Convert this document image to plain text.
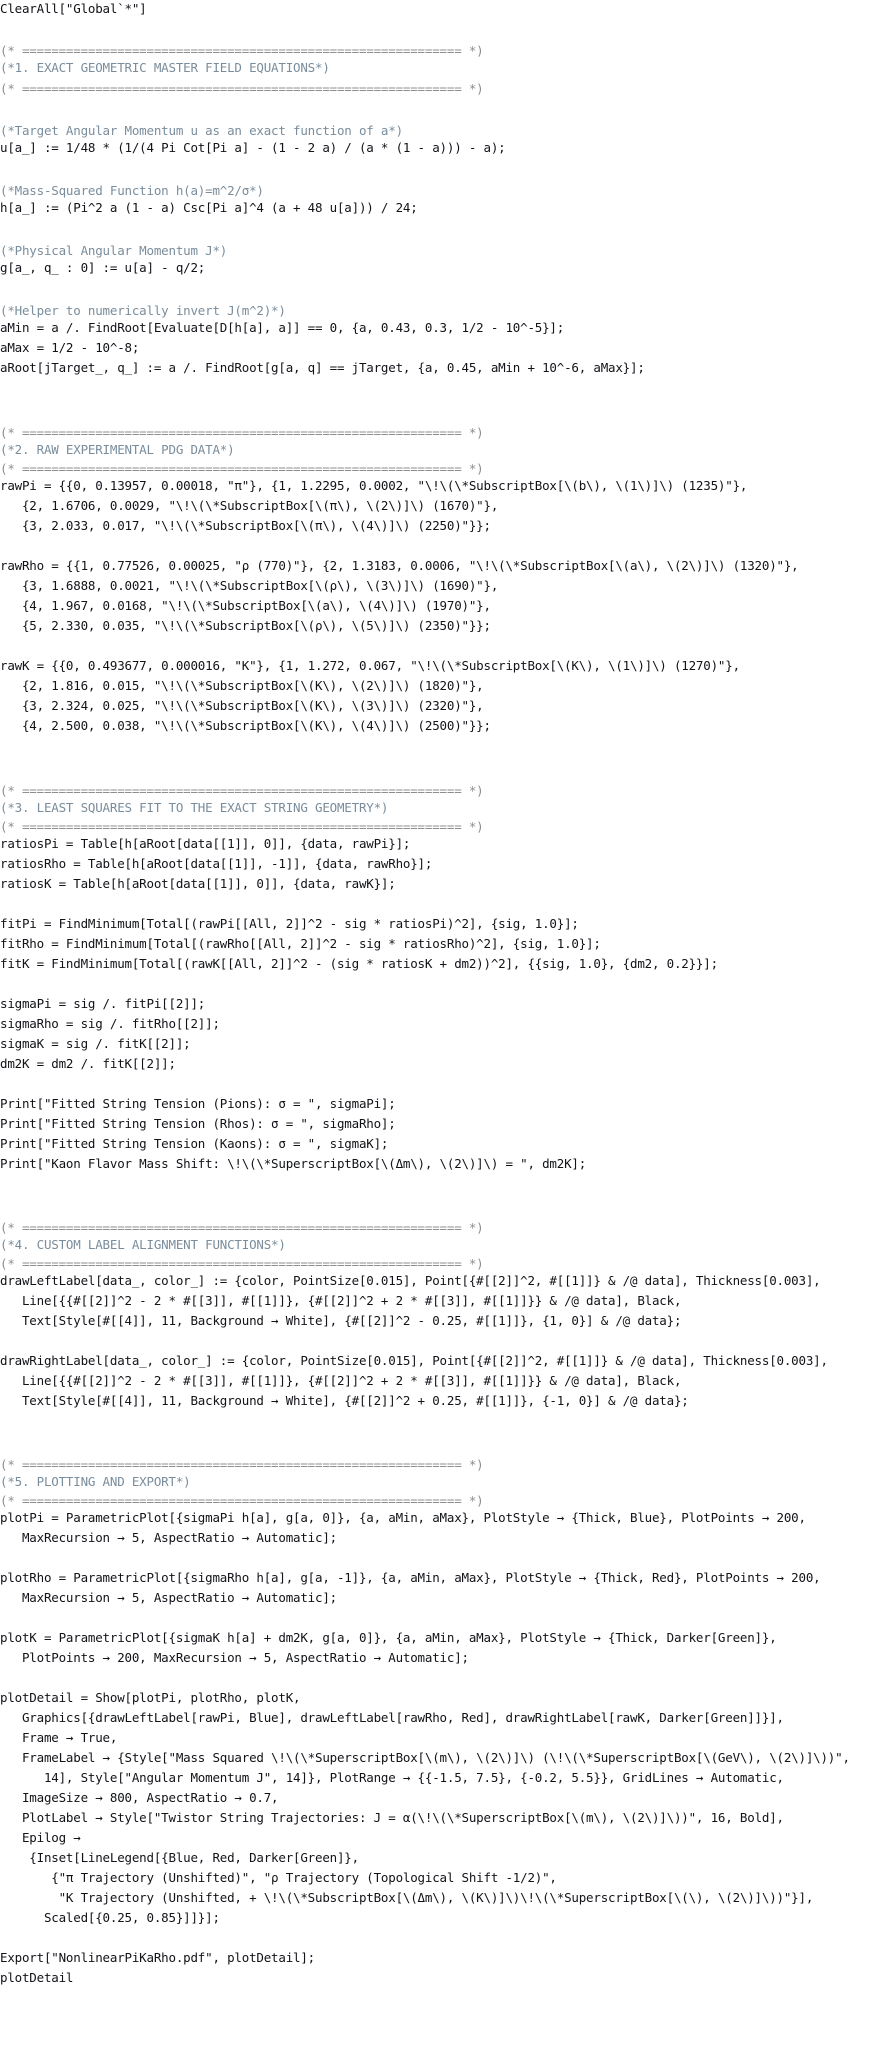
ClearAll["Global`*"]
(* ============================================================ *)
(*1. EXACT GEOMETRIC MASTER FIELD EQUATIONS*)
(* ============================================================ *)
(*Target Angular Momentum u as an exact function of a*)
u[a_] := 1/48 * (1/(4 Pi Cot[Pi a] - (1 - 2 a) / (a * (1 - a))) - a);
(*Mass-Squared Function h(a)=m^2/σ*)
h[a_] := (Pi^2 a (1 - a) Csc[Pi a]^4 (a + 48 u[a])) / 24;
(*Physical Angular Momentum J*)
g[a_, q_ : 0] := u[a] - q/2;
(*Helper to numerically invert J(m^2)*)
aMin = a /. FindRoot[Evaluate[D[h[a], a]] == 0, {a, 0.43, 0.3, 1/2 - 10^-5}];
aMax = 1/2 - 10^-8;
aRoot[jTarget_, q_] := a /. FindRoot[g[a, q] == jTarget, {a, 0.45, aMin + 10^-6, aMax}];
(* ============================================================ *)
(*2. RAW EXPERIMENTAL PDG DATA*)
(* ============================================================ *)
rawPi = {{0, 0.13957, 0.00018, "π"}, {1, 1.2295, 0.0002, "\!\(\*SubscriptBox[\(b\), \(1\)]\) (1235)"},
{2, 1.6706, 0.0029, "\!\(\*SubscriptBox[\(π\), \(2\)]\) (1670)"},
{3, 2.033, 0.017, "\!\(\*SubscriptBox[\(π\), \(4\)]\) (2250)"}};
rawRho = {{1, 0.77526, 0.00025, "ρ (770)"}, {2, 1.3183, 0.0006, "\!\(\*SubscriptBox[\(a\), \(2\)]\) (1320)"},
{3, 1.6888, 0.0021, "\!\(\*SubscriptBox[\(ρ\), \(3\)]\) (1690)"},
{4, 1.967, 0.0168, "\!\(\*SubscriptBox[\(a\), \(4\)]\) (1970)"},
{5, 2.330, 0.035, "\!\(\*SubscriptBox[\(ρ\), \(5\)]\) (2350)"}};
rawK = {{0, 0.493677, 0.000016, "K"}, {1, 1.272, 0.067, "\!\(\*SubscriptBox[\(K\), \(1\)]\) (1270)"},
{2, 1.816, 0.015, "\!\(\*SubscriptBox[\(K\), \(2\)]\) (1820)"},
{3, 2.324, 0.025, "\!\(\*SubscriptBox[\(K\), \(3\)]\) (2320)"},
{4, 2.500, 0.038, "\!\(\*SubscriptBox[\(K\), \(4\)]\) (2500)"}};
(* ============================================================ *)
(*3. LEAST SQUARES FIT TO THE EXACT STRING GEOMETRY*)
(* ============================================================ *)
ratiosPi = Table[h[aRoot[data[[1]], 0]], {data, rawPi}];
ratiosRho = Table[h[aRoot[data[[1]], -1]], {data, rawRho}];
ratiosK = Table[h[aRoot[data[[1]], 0]], {data, rawK}];
fitPi = FindMinimum[Total[(rawPi[[All, 2]]^2 - sig * ratiosPi)^2], {sig, 1.0}];
fitRho = FindMinimum[Total[(rawRho[[All, 2]]^2 - sig * ratiosRho)^2], {sig, 1.0}];
fitK = FindMinimum[Total[(rawK[[All, 2]]^2 - (sig * ratiosK + dm2))^2], {{sig, 1.0}, {dm2, 0.2}}];
sigmaPi = sig /. fitPi[[2]];
sigmaRho = sig /. fitRho[[2]];
sigmaK = sig /. fitK[[2]];
dm2K = dm2 /. fitK[[2]];
Print["Fitted String Tension (Pions): σ = ", sigmaPi];
Print["Fitted String Tension (Rhos): σ = ", sigmaRho];
Print["Fitted String Tension (Kaons): σ = ", sigmaK];
Print["Kaon Flavor Mass Shift: \!\(\*SuperscriptBox[\(Δm\), \(2\)]\) = ", dm2K];
(* ============================================================ *)
(*4. CUSTOM LABEL ALIGNMENT FUNCTIONS*)
(* ============================================================ *)
drawLeftLabel[data_, color_] := {color, PointSize[0.015], Point[{#[[2]]^2, #[[1]]} & /@ data], Thickness[0.003],
Line[{{#[[2]]^2 - 2 * #[[3]], #[[1]]}, {#[[2]]^2 + 2 * #[[3]], #[[1]]}} & /@ data], Black,
Text[Style[#[[4]], 11, Background → White], {#[[2]]^2 - 0.25, #[[1]]}, {1, 0}] & /@ data};
drawRightLabel[data_, color_] := {color, PointSize[0.015], Point[{#[[2]]^2, #[[1]]} & /@ data], Thickness[0.003],
Line[{{#[[2]]^2 - 2 * #[[3]], #[[1]]}, {#[[2]]^2 + 2 * #[[3]], #[[1]]}} & /@ data], Black,
Text[Style[#[[4]], 11, Background → White], {#[[2]]^2 + 0.25, #[[1]]}, {-1, 0}] & /@ data};
(* ============================================================ *)
(*5. PLOTTING AND EXPORT*)
(* ============================================================ *)
plotPi = ParametricPlot[{sigmaPi h[a], g[a, 0]}, {a, aMin, aMax}, PlotStyle → {Thick, Blue}, PlotPoints → 200,
MaxRecursion → 5, AspectRatio → Automatic];
plotRho = ParametricPlot[{sigmaRho h[a], g[a, -1]}, {a, aMin, aMax}, PlotStyle → {Thick, Red}, PlotPoints → 200,
MaxRecursion → 5, AspectRatio → Automatic];
plotK = ParametricPlot[{sigmaK h[a] + dm2K, g[a, 0]}, {a, aMin, aMax}, PlotStyle → {Thick, Darker[Green]},
PlotPoints → 200, MaxRecursion → 5, AspectRatio → Automatic];
plotDetail = Show[plotPi, plotRho, plotK,
Graphics[{drawLeftLabel[rawPi, Blue], drawLeftLabel[rawRho, Red], drawRightLabel[rawK, Darker[Green]]}],
Frame → True,
FrameLabel → {Style["Mass Squared \!\(\*SuperscriptBox[\(m\), \(2\)]\) (\!\(\*SuperscriptBox[\(GeV\), \(2\)]\))",
14], Style["Angular Momentum J", 14]}, PlotRange → {{-1.5, 7.5}, {-0.2, 5.5}}, GridLines → Automatic,
ImageSize → 800, AspectRatio → 0.7,
PlotLabel → Style["Twistor String Trajectories: J = α(\!\(\*SuperscriptBox[\(m\), \(2\)]\))", 16, Bold],
Epilog →
{Inset[LineLegend[{Blue, Red, Darker[Green]},
{"π Trajectory (Unshifted)", "ρ Trajectory (Topological Shift -1/2)",
"K Trajectory (Unshifted, + \!\(\*SubscriptBox[\(Δm\), \(K\)]\)\!\(\*SuperscriptBox[\(\), \(2\)]\))"}],
Scaled[{0.25, 0.85}]]}];
Export["NonlinearPiKaRho.pdf", plotDetail];
plotDetail
